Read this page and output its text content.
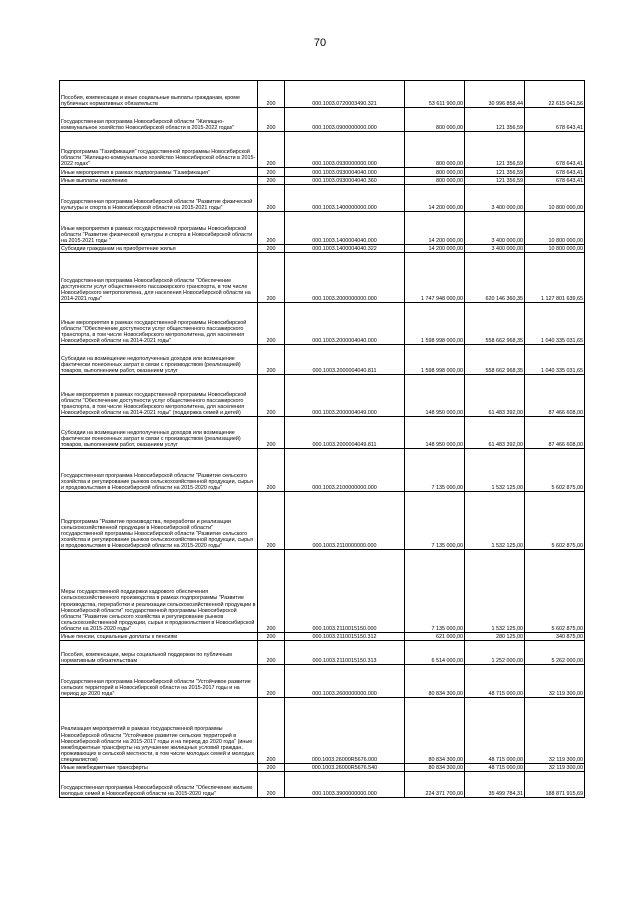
70
Пособия, компенсации и иные социальные выплаты гражданам, кроме публичных нормативных обязательств	200	000.1003.0720003490.321	53 611 900,00	30 996 858,44	22 615 041,56
Государственная программа Новосибирской области "Жилищно-коммунальное хозяйство Новосибирской области в 2015-2022 годах"	200	000.1003.0900000000.000	800 000,00	121 356,59	678 643,41
Подпрограмма "Газификация" государственной программы Новосибирской области "Жилищно-коммунальное хозяйство Новосибирской области в 2015-2022 годах"	200	000.1003.0930000000.000	800 000,00	121 356,59	678 643,41
Иные мероприятия в рамках подпрограммы "Газификация"	200	000.1003.0930004040.000	800 000,00	121 356,59	678 643,41
Иные выплаты населению	200	000.1003.0930004040.360	800 000,00	121 356,59	678 643,41
Государственная программа Новосибирской области "Развитие физической культуры и спорта в Новосибирской области на 2015-2021 годы"	200	000.1003.1400000000.000	14 200 000,00	3 400 000,00	10 800 000,00
Иные мероприятия в рамках государственной программы Новосибирской области "Развитие физической культуры и спорта в Новосибирской области на 2015-2021 годы "	200	000.1003.1400004040.000	14 200 000,00	3 400 000,00	10 800 000,00
Субсидии гражданам на приобретение жилья	200	000.1003.1400004040.322	14 200 000,00	3 400 000,00	10 800 000,00
Государственная программа Новосибирской области "Обеспечение доступности услуг общественного пассажирского транспорта, в том числе Новосибирского метрополитена, для населения Новосибирской области на 2014-2021 годы"	200	000.1003.2000000000.000	1 747 948 000,00	620 146 360,35	1 127 801 639,65
Иные мероприятия в рамках государственной программы Новосибирской области "Обеспечение доступности услуг общественного пассажирского транспорта, в том числе Новосибирского метрополитена, для населения Новосибирской области на 2014-2021 годы"	200	000.1003.2000004040.000	1 598 998 000,00	558 662 968,35	1 040 335 031,65
Субсидии на возмещение недополученных доходов или возмещение фактически понесенных затрат в связи с производством (реализацией) товаров, выполнением работ, оказанием услуг	200	000.1003.2000004040.811	1 598 998 000,00	558 662 968,35	1 040 335 031,65
Иные мероприятия в рамках государственной программы Новосибирской области "Обеспечение доступности услуг общественного пассажирского транспорта, в том числе Новосибирского метрополитена, для населения Новосибирской области на 2014-2021 годы" (поддержка семей и детей)	200	000.1003.2000004049.000	148 950 000,00	61 483 392,00	87 466 608,00
Субсидии на возмещение недополученных доходов или возмещение фактически понесенных затрат в связи с производством (реализацией) товаров, выполнением работ, оказанием услуг	200	000.1003.2000004049.811	148 950 000,00	61 483 392,00	87 466 608,00
Государственная программа Новосибирской области "Развитие сельского хозяйства и регулирование рынков сельскохозяйственной продукции, сырья и продовольствия в Новосибирской области на 2015-2020 годы"	200	000.1003.2100000000.000	7 135 000,00	1 532 125,00	5 602 875,00
Подпрограмма "Развитие производства, переработки и реализации сельскохозяйственной продукции в Новосибирской области" государственной программы Новосибирской области "Развитие сельского хозяйства и регулирование рынков сельскохозяйственной продукции, сырья и продовольствия в Новосибирской области на 2015-2020 годы"	200	000.1003.2110000000.000	7 135 000,00	1 532 125,00	5 602 875,00
Меры государственной поддержки кадрового обеспечения сельскохозяйственного производства в рамках подпрограммы "Развитие производства, переработки и реализации сельскохозяйственной продукции в Новосибирской области" государственной программы Новосибирской области "Развитие сельского хозяйства и регулирование рынков сельскохозяйственной продукции, сырья и продовольствия в Новосибирской области на 2015-2020 годы"	200	000.1003.2110015150.000	7 135 000,00	1 532 125,00	5 602 875,00
Иные пенсии, социальные доплаты к пенсиям	200	000.1003.2110015150.312	621 000,00	280 125,00	340 875,00
Пособия, компенсации, меры социальной поддержки по публичным нормативным обязательствам	200	000.1003.2110015150.313	6 514 000,00	1 252 000,00	5 262 000,00
Государственная программа Новосибирской области "Устойчивое развитие сельских территорий в Новосибирской области на 2015-2017 годы и на период до 2020 года"	200	000.1003.2600000000.000	80 834 300,00	48 715 000,00	32 119 300,00
Реализация мероприятий в рамках государственной программы Новосибирской области "Устойчивое развитие сельских территорий в Новосибирской области на 2015-2017 годы и на период до 2020 года" (иные межбюджетные трансферты на улучшение жилищных условий граждан, проживающих в сельской местности, в том числе молодых семей и молодых специалистов)	200	000.1003.26000R5676.000	80 834 300,00	48 715 000,00	32 119 300,00
Иные межбюджетные трансферты	200	000.1003.26000R5676.540	80 834 300,00	48 715 000,00	32 119 300,00
Государственная программа Новосибирской области "Обеспечение жильем молодых семей в Новосибирской области на 2015-2020 годы"	200	000.1003.3900000000.000	224 371 700,00	35 499 784,31	188 871 915,69
